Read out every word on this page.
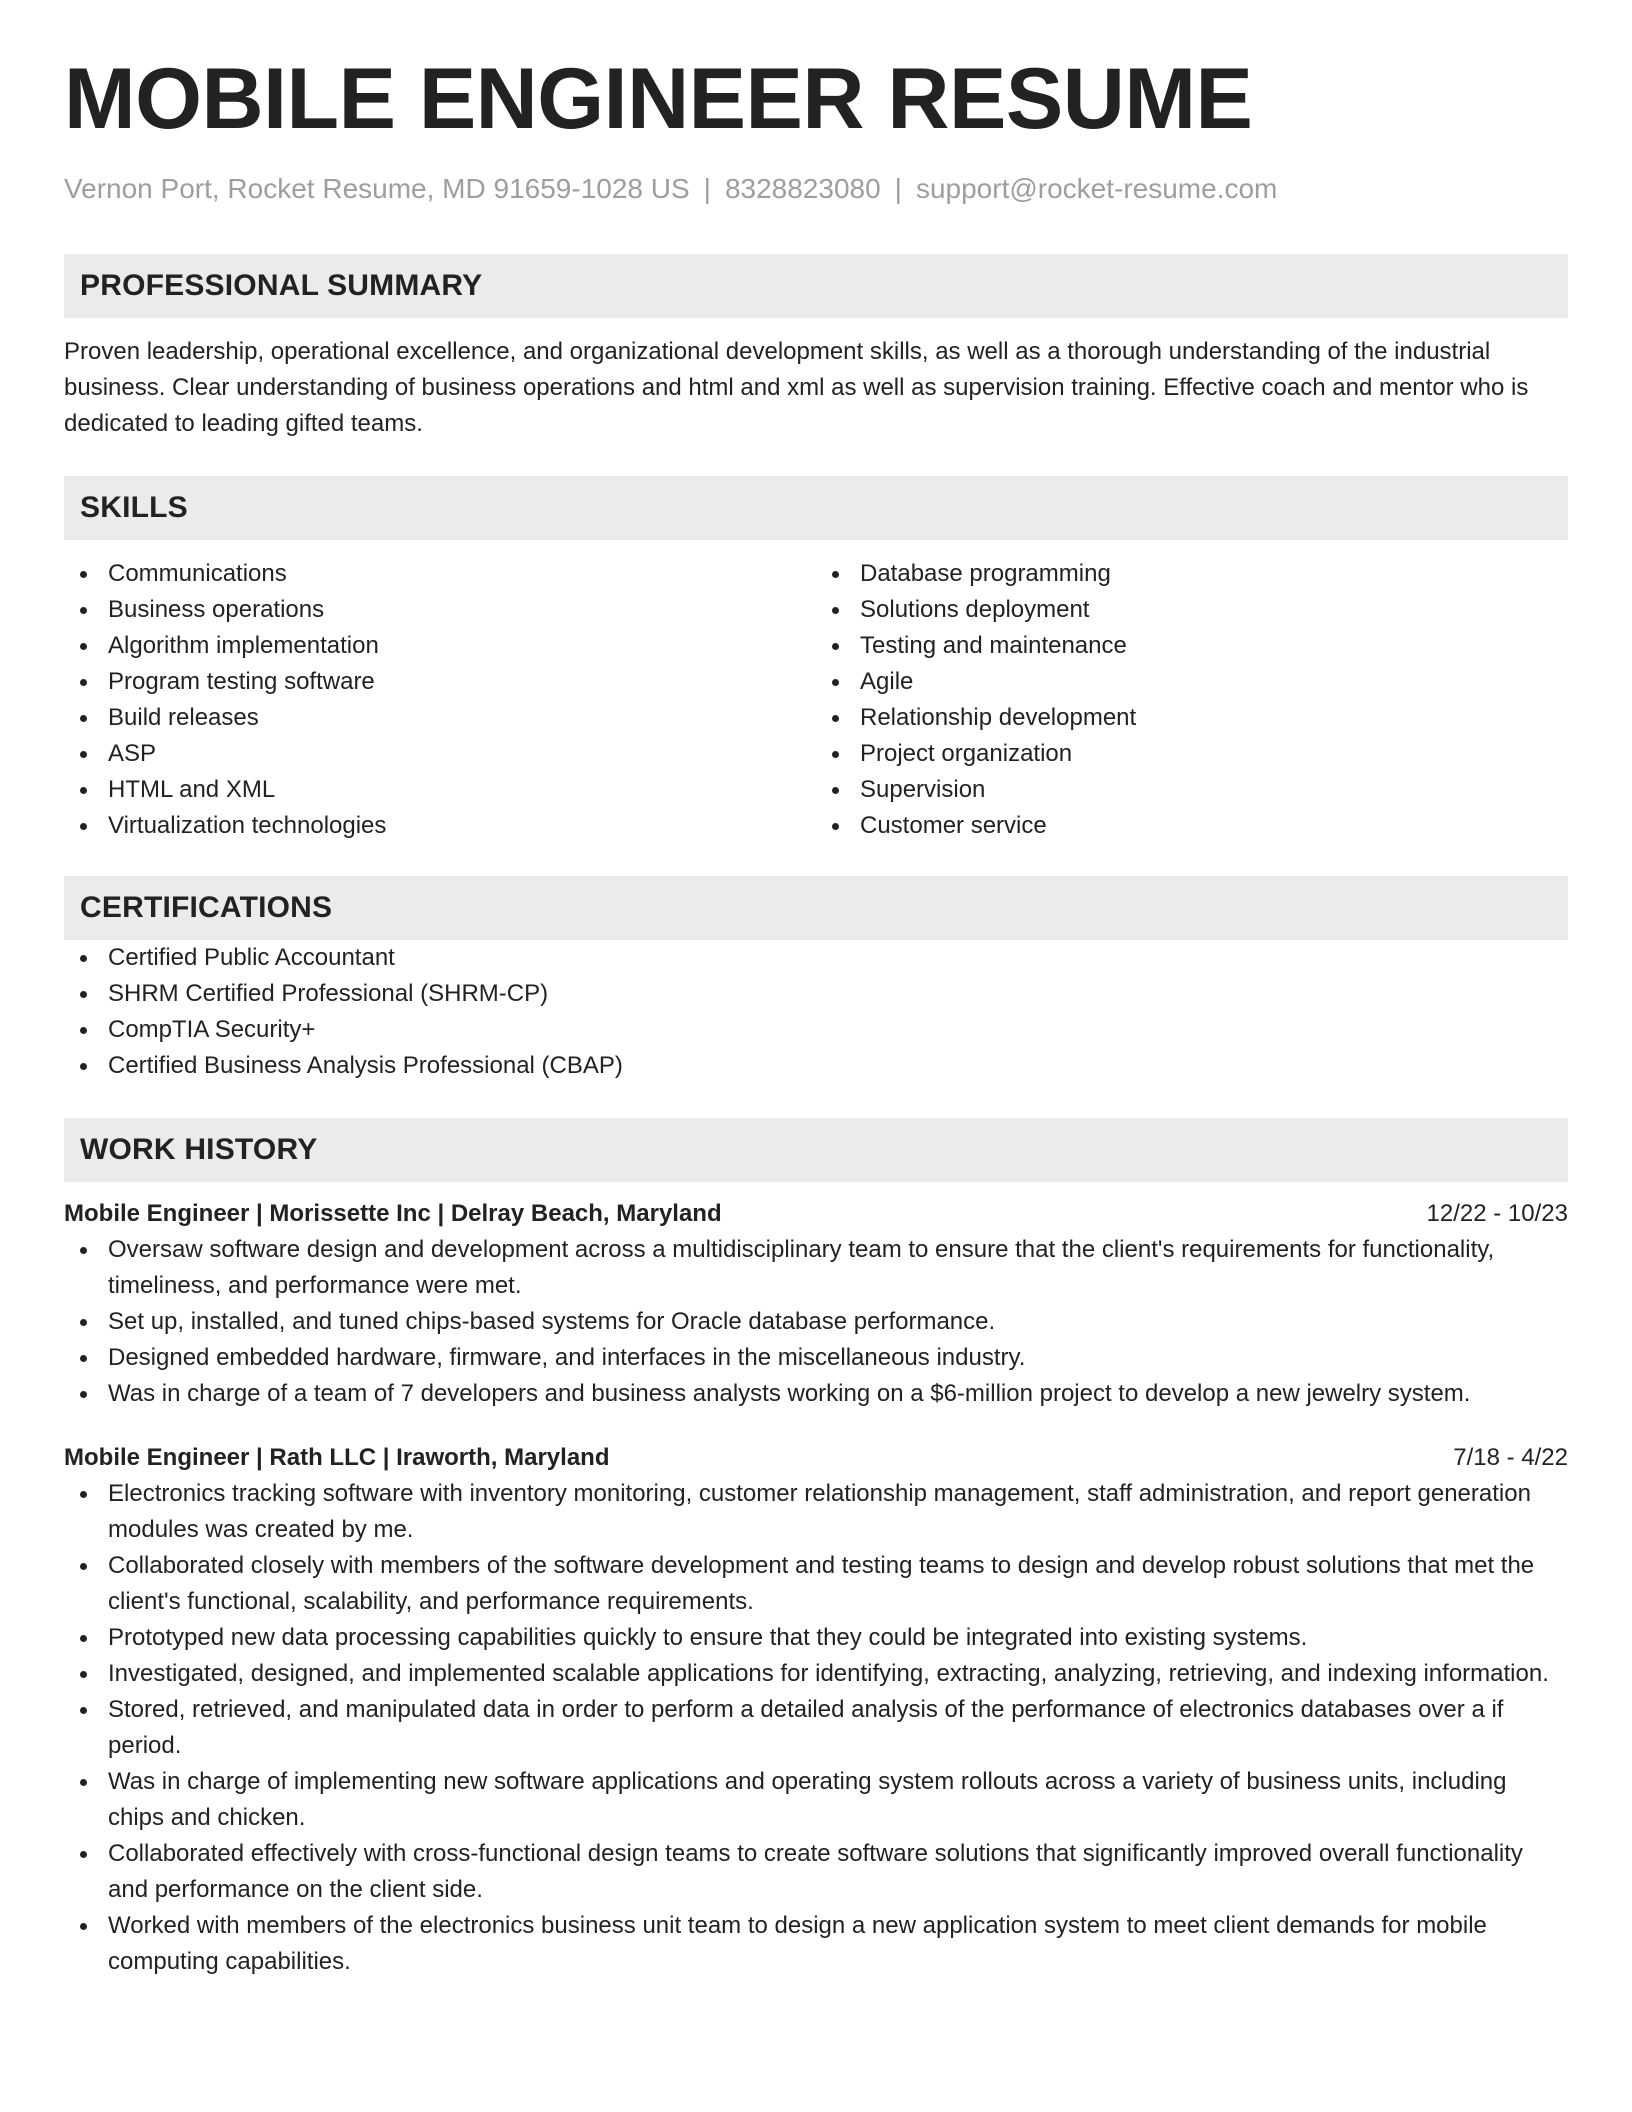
MOBILE ENGINEER RESUME
Vernon Port, Rocket Resume, MD 91659-1028 US | 8328823080 | support@rocket-resume.com
PROFESSIONAL SUMMARY

Proven leadership, operational excellence, and organizational development skills, as well as a thorough understanding of the industrial business. Clear understanding of business operations and html and xml as well as supervision training. Effective coach and mentor who is dedicated to leading gifted teams.

SKILLS
Communications
Business operations
Algorithm implementation
Program testing software
Build releases
ASP
HTML and XML
Virtualization technologies
Database programming
Solutions deployment
Testing and maintenance
Agile
Relationship development
Project organization
Supervision
Customer service
CERTIFICATIONS
Certified Public Accountant
SHRM Certified Professional (SHRM-CP)
CompTIA Security+
Certified Business Analysis Professional (CBAP)
WORK HISTORY
Mobile Engineer | Morissette Inc | Delray Beach, Maryland	12/22 - 10/23
Oversaw software design and development across a multidisciplinary team to ensure that the client's requirements for functionality, timeliness, and performance were met.
Set up, installed, and tuned chips-based systems for Oracle database performance.
Designed embedded hardware, firmware, and interfaces in the miscellaneous industry.
Was in charge of a team of 7 developers and business analysts working on a $6-million project to develop a new jewelry system.
Mobile Engineer | Rath LLC | Iraworth, Maryland	7/18 - 4/22
Electronics tracking software with inventory monitoring, customer relationship management, staff administration, and report generation modules was created by me.
Collaborated closely with members of the software development and testing teams to design and develop robust solutions that met the client's functional, scalability, and performance requirements.
Prototyped new data processing capabilities quickly to ensure that they could be integrated into existing systems.
Investigated, designed, and implemented scalable applications for identifying, extracting, analyzing, retrieving, and indexing information.
Stored, retrieved, and manipulated data in order to perform a detailed analysis of the performance of electronics databases over a if period.
Was in charge of implementing new software applications and operating system rollouts across a variety of business units, including chips and chicken.
Collaborated effectively with cross-functional design teams to create software solutions that significantly improved overall functionality and performance on the client side.
Worked with members of the electronics business unit team to design a new application system to meet client demands for mobile computing capabilities.
